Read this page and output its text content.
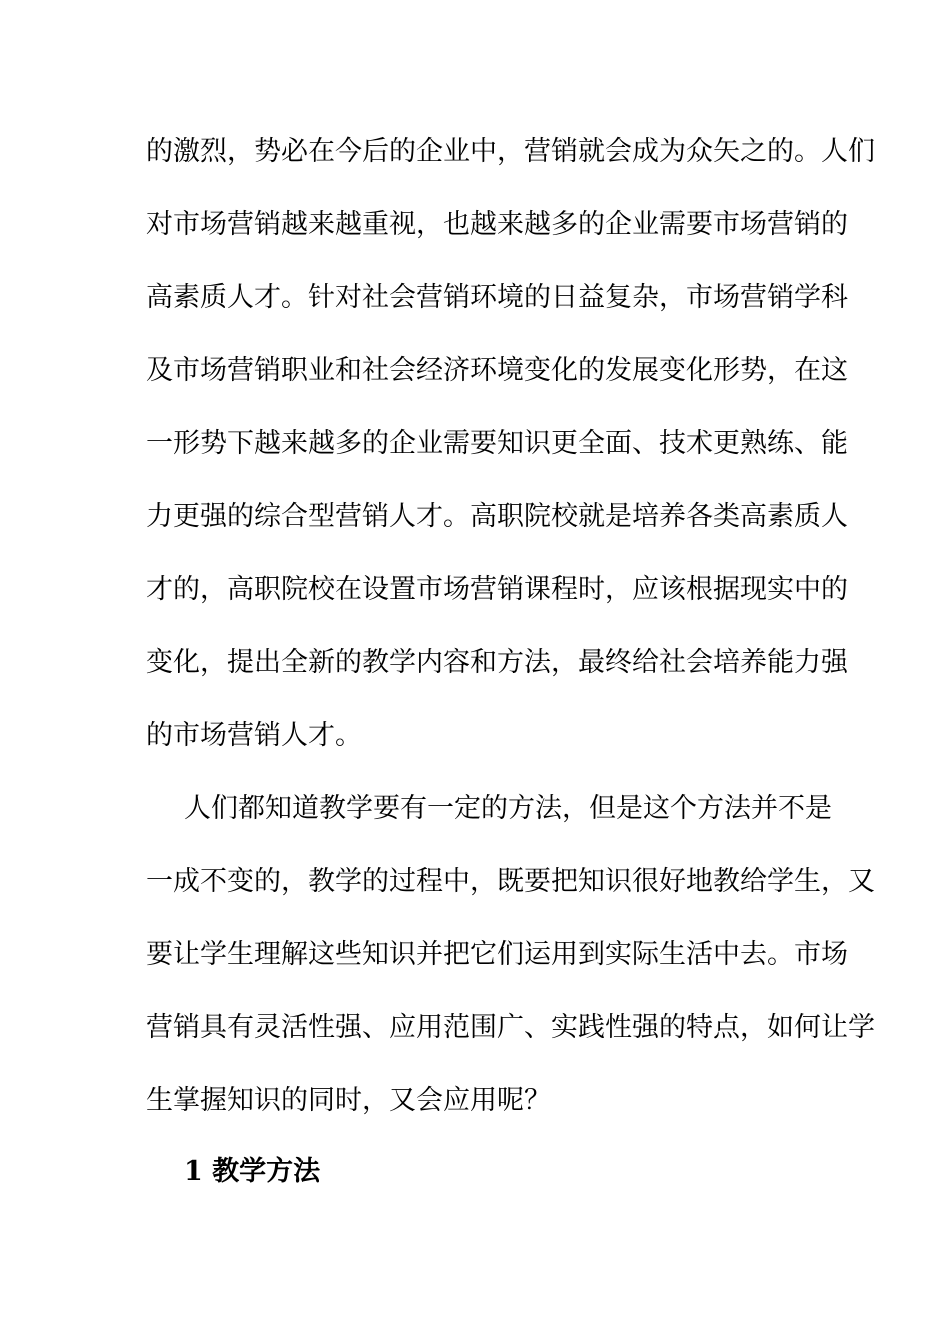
的激烈，势必在今后的企业中，营销就会成为众矢之的。人们
对市场营销越来越重视，也越来越多的企业需要市场营销的
高素质人才。针对社会营销环境的日益复杂，市场营销学科
及市场营销职业和社会经济环境变化的发展变化形势，在这
一形势下越来越多的企业需要知识更全面、技术更熟练、能
力更强的综合型营销人才。高职院校就是培养各类高素质人
才的，高职院校在设置市场营销课程时，应该根据现实中的
变化，提出全新的教学内容和方法，最终给社会培养能力强
的市场营销人才。
人们都知道教学要有一定的方法，但是这个方法并不是
一成不变的，教学的过程中，既要把知识很好地教给学生，又
要让学生理解这些知识并把它们运用到实际生活中去。市场
营销具有灵活性强、应用范围广、实践性强的特点，如何让学
生掌握知识的同时，又会应用呢？
1 教学方法
